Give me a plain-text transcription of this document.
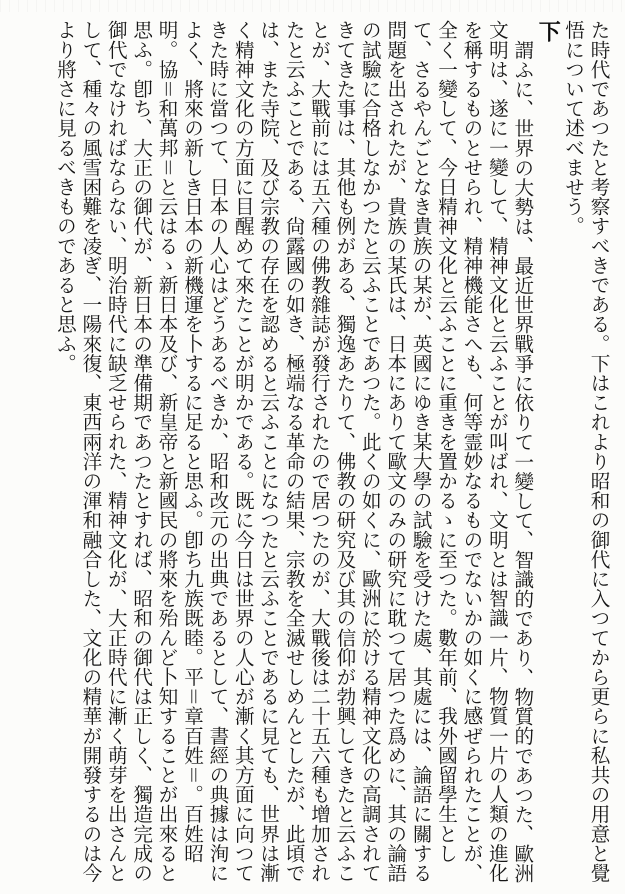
た時代であつたと考察すべきである。下はこれより昭和の御代に入つてから更らに私共の用意と覺悟について述べませう。

下

謂ふに、世界の大勢は、最近世界戰爭に依りて一變して、智識的であり、物質的であつた、歐洲文明は、遂に一變して、精神文化と云ふことが叫ばれ、文明とは智識一片、物質一片の人類の進化を稱するものとせられ、精神機能さへも、何等霊妙なるものでないかの如くに感ぜられたことが、全く一變して、今日精神文化と云ふことに重きを置かるゝに至つた。數年前、我外國留學生として、さるやんごとなき貴族の某が、英國にゆき某大學の試驗を受けた處、其處には、論語に關する問題を出されたが、貴族の某氏は、日本にありて歐文のみの研究に耽つて居つた爲めに、其の論語の試驗に合格しなかつたと云ふことであつた。此くの如くに、歐洲に於ける精神文化の高調されてきてきた事は、其他も例がある、獨逸あたりて、佛教の研究及び其の信仰が勃興してきたと云ふことが、大戰前には五六種の佛教雜誌が發行されたので居つたのが、大戰後は二十五六種も增加されたと云ふことである、尙露國の如き、極端なる革命の結果、宗教を全滅せしめんとしたが、此頃では、また寺院、及び宗教の存在を認めると云ふことになつたと云ふことであるに見ても、世界は漸く精神文化の方面に目醒めて來たことが明かである。既に今日は世界の人心が漸く其方面に向つてきた時に當つて、日本の人心はどうあるべきか、昭和改元の出典であるとして、書經の典據は洵によく、將來の新しき日本の新機運を卜するに足ると思ふ。卽ち九族既睦。平＝章百姓＝。百姓昭明。協＝和萬邦＝と云はるゝ新日本及び、新皇帝と新國民の將來を殆んど卜知することが出來ると思ふ。卽ち、大正の御代が、新日本の準備期であつたとすれば、昭和の御代は正しく、獨造完成の御代でなければならない、明治時代に缺乏せられた、精神文化が、大正時代に漸く萌芽を出さんとして、種々の風雪困難を凌ぎ、一陽來復、東西兩洋の渾和融合した、文化の精華が開發するのは今より將さに見るべきものであると思ふ。
